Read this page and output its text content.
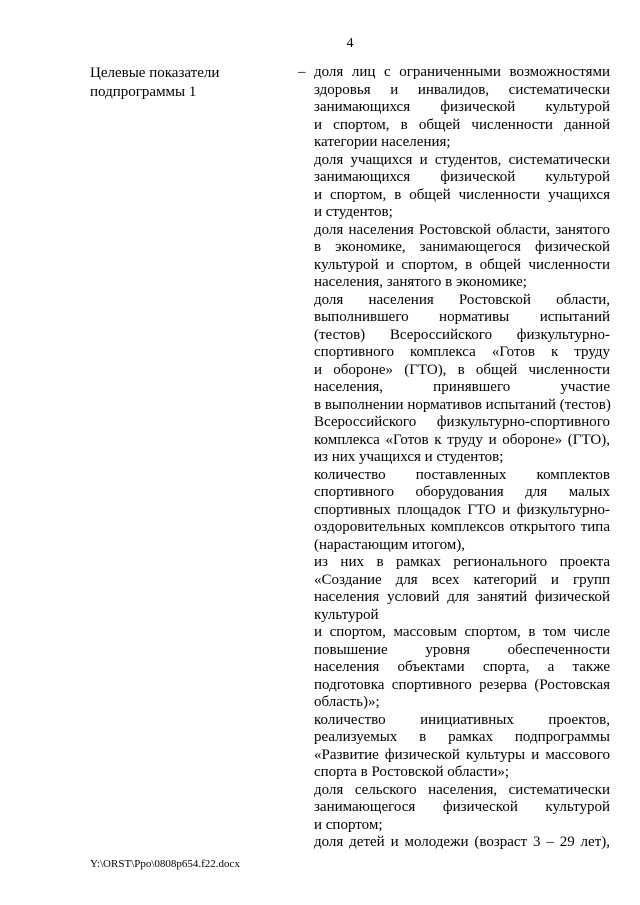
4
Целевые показатели
подпрограммы 1
– доля лиц с ограниченными возможностями
здоровья и инвалидов, систематически
занимающихся физической культурой
и спортом, в общей численности данной
категории населения;
доля учащихся и студентов, систематически
занимающихся физической культурой
и спортом, в общей численности учащихся
и студентов;
доля населения Ростовской области, занятого
в экономике, занимающегося физической
культурой и спортом, в общей численности
населения, занятого в экономике;
доля населения Ростовской области,
выполнившего нормативы испытаний
(тестов) Всероссийского физкультурно-
спортивного комплекса «Готов к труду
и обороне» (ГТО), в общей численности
населения, принявшего участие
в выполнении нормативов испытаний (тестов)
Всероссийского физкультурно-спортивного
комплекса «Готов к труду и обороне» (ГТО),
из них учащихся и студентов;
количество поставленных комплектов
спортивного оборудования для малых
спортивных площадок ГТО и физкультурно-
оздоровительных комплексов открытого типа
(нарастающим итогом),
из них в рамках регионального проекта
«Создание для всех категорий и групп
населения условий для занятий физической
культурой
и спортом, массовым спортом, в том числе
повышение уровня обеспеченности
населения объектами спорта, а также
подготовка спортивного резерва (Ростовская
область)»;
количество инициативных проектов,
реализуемых в рамках подпрограммы
«Развитие физической культуры и массового
спорта в Ростовской области»;
доля сельского населения, систематически
занимающегося физической культурой
и спортом;
доля детей и молодежи (возраст 3 – 29 лет),
Y:\ORST\Ppo\0808p654.f22.docx
